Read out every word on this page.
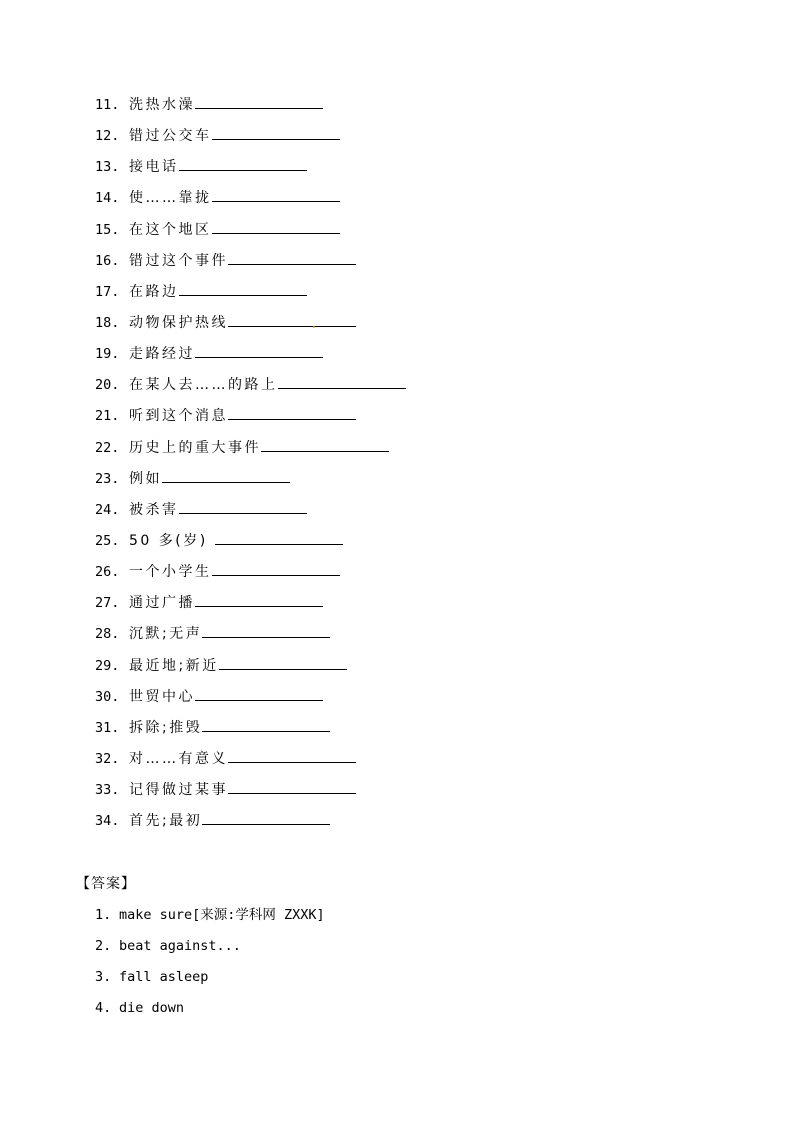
11. 洗热水澡
12. 错过公交车
13. 接电话
14. 使……靠拢
15. 在这个地区
16. 错过这个事件
17. 在路边
18. 动物保护热线
19. 走路经过
20. 在某人去……的路上
21. 听到这个消息
22. 历史上的重大事件
23. 例如
24. 被杀害
25. 50 多(岁)
26. 一个小学生
27. 通过广播
28. 沉默;无声
29. 最近地;新近
30. 世贸中心
31. 拆除;推毁
32. 对……有意义
33. 记得做过某事
34. 首先;最初
【答案】
1. make sure[来源:学科网 ZXXK]
2. beat against...
3. fall asleep
4. die down
